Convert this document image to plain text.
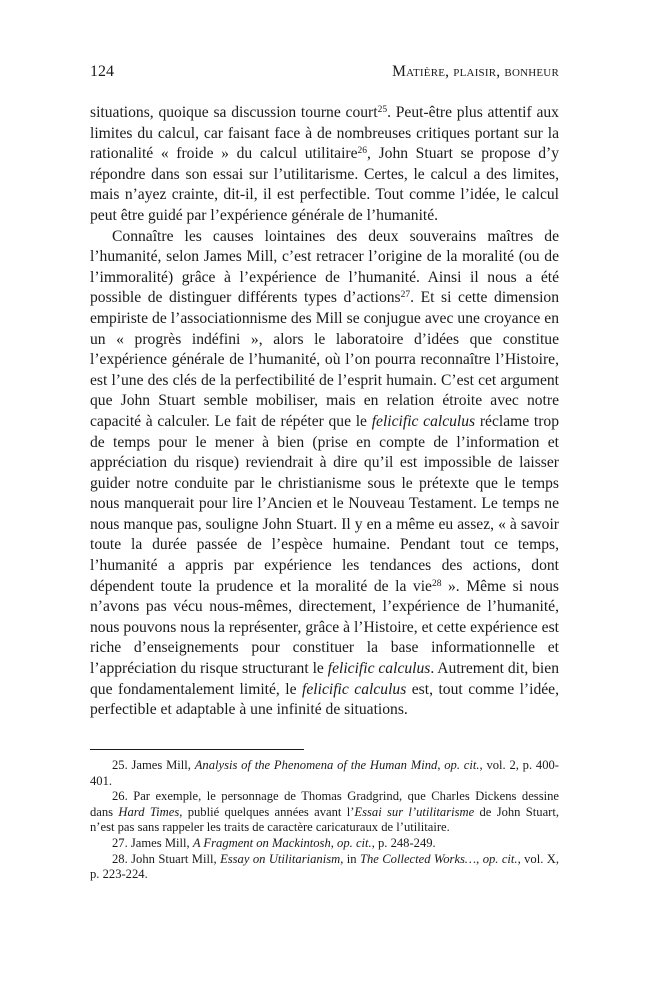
124	Matière, plaisir, bonheur

situations, quoique sa discussion tourne court$^{25}$. Peut-être plus attentif aux limites du calcul, car faisant face à de nombreuses critiques portant sur la rationalité « froide » du calcul utilitaire$^{26}$, John Stuart se propose d’y répondre dans son essai sur l’utilitarisme. Certes, le calcul a des limites, mais n’ayez crainte, dit-il, il est perfectible. Tout comme l’idée, le calcul peut être guidé par l’expérience générale de l’humanité.

Connaître les causes lointaines des deux souverains maîtres de l’humanité, selon James Mill, c’est retracer l’origine de la moralité (ou de l’immoralité) grâce à l’expérience de l’humanité. Ainsi il nous a été possible de distinguer différents types d’actions$^{27}$. Et si cette dimension empiriste de l’associationnisme des Mill se conjugue avec une croyance en un « progrès indéfini », alors le laboratoire d’idées que constitue l’expérience générale de l’humanité, où l’on pourra reconnaître l’Histoire, est l’une des clés de la perfectibilité de l’esprit humain. C’est cet argument que John Stuart semble mobiliser, mais en relation étroite avec notre capacité à calculer. Le fait de répéter que le felicific calculus réclame trop de temps pour le mener à bien (prise en compte de l’information et appréciation du risque) reviendrait à dire qu’il est impossible de laisser guider notre conduite par le christianisme sous le prétexte que le temps nous manquerait pour lire l’Ancien et le Nouveau Testament. Le temps ne nous manque pas, souligne John Stuart. Il y en a même eu assez, « à savoir toute la durée passée de l’espèce humaine. Pendant tout ce temps, l’humanité a appris par expérience les tendances des actions, dont dépendent toute la prudence et la moralité de la vie$^{28}$ ». Même si nous n’avons pas vécu nous-mêmes, directement, l’expérience de l’humanité, nous pouvons nous la représenter, grâce à l’Histoire, et cette expérience est riche d’enseignements pour constituer la base informationnelle et l’appréciation du risque structurant le felicific calculus. Autrement dit, bien que fondamentalement limité, le felicific calculus est, tout comme l’idée, perfectible et adaptable à une infinité de situations.

25. James Mill, Analysis of the Phenomena of the Human Mind, op. cit., vol. 2, p. 400-401.

26. Par exemple, le personnage de Thomas Gradgrind, que Charles Dickens dessine dans Hard Times, publié quelques années avant l’Essai sur l’utilitarisme de John Stuart, n’est pas sans rappeler les traits de caractère caricaturaux de l’utilitaire.

27. James Mill, A Fragment on Mackintosh, op. cit., p. 248-249.

28. John Stuart Mill, Essay on Utilitarianism, in The Collected Works…, op. cit., vol. X, p. 223-224.
